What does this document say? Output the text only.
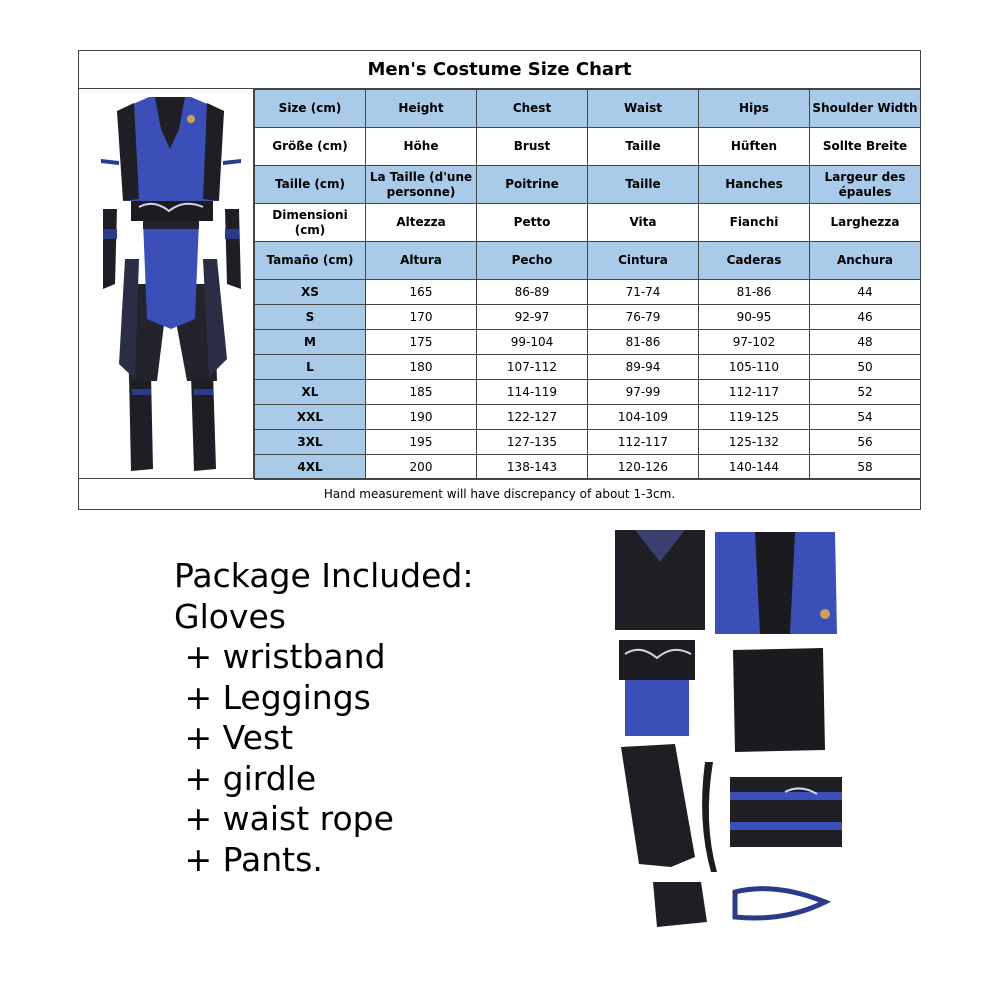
Men's Costume Size Chart
Size (cm)	Height	Chest	Waist	Hips	Shoulder Width
Größe (cm)	Höhe	Brust	Taille	Hüften	Sollte Breite
Taille (cm)	La Taille (d'une personne)	Poitrine	Taille	Hanches	Largeur des épaules
Dimensioni (cm)	Altezza	Petto	Vita	Fianchi	Larghezza
Tamaño (cm)	Altura	Pecho	Cintura	Caderas	Anchura
XS	165	86-89	71-74	81-86	44
S	170	92-97	76-79	90-95	46
M	175	99-104	81-86	97-102	48
L	180	107-112	89-94	105-110	50
XL	185	114-119	97-99	112-117	52
XXL	190	122-127	104-109	119-125	54
3XL	195	127-135	112-117	125-132	56
4XL	200	138-143	120-126	140-144	58
Hand measurement will have discrepancy of about 1-3cm.
Package Included:
Gloves
+ wristband
+ Leggings
+ Vest
+ girdle
+ waist rope
+ Pants.
